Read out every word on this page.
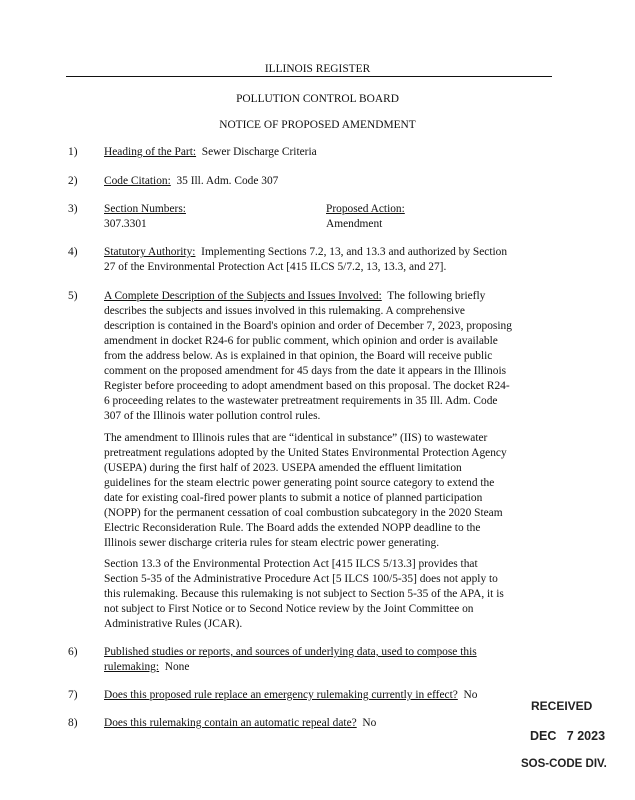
ILLINOIS REGISTER
POLLUTION CONTROL BOARD
NOTICE OF PROPOSED AMENDMENT
1) Heading of the Part: Sewer Discharge Criteria
2) Code Citation: 35 Ill. Adm. Code 307
3) Section Numbers:
307.3301
Proposed Action:
Amendment
4) Statutory Authority: Implementing Sections 7.2, 13, and 13.3 and authorized by Section
27 of the Environmental Protection Act [415 ILCS 5/7.2, 13, 13.3, and 27].
5) A Complete Description of the Subjects and Issues Involved: The following briefly
describes the subjects and issues involved in this rulemaking. A comprehensive
description is contained in the Board's opinion and order of December 7, 2023, proposing
amendment in docket R24-6 for public comment, which opinion and order is available
from the address below. As is explained in that opinion, the Board will receive public
comment on the proposed amendment for 45 days from the date it appears in the Illinois
Register before proceeding to adopt amendment based on this proposal. The docket R24-
6 proceeding relates to the wastewater pretreatment requirements in 35 Ill. Adm. Code
307 of the Illinois water pollution control rules.
The amendment to Illinois rules that are “identical in substance” (IIS) to wastewater
pretreatment regulations adopted by the United States Environmental Protection Agency
(USEPA) during the first half of 2023. USEPA amended the effluent limitation
guidelines for the steam electric power generating point source category to extend the
date for existing coal-fired power plants to submit a notice of planned participation
(NOPP) for the permanent cessation of coal combustion subcategory in the 2020 Steam
Electric Reconsideration Rule. The Board adds the extended NOPP deadline to the
Illinois sewer discharge criteria rules for steam electric power generating.
Section 13.3 of the Environmental Protection Act [415 ILCS 5/13.3] provides that
Section 5-35 of the Administrative Procedure Act [5 ILCS 100/5-35] does not apply to
this rulemaking. Because this rulemaking is not subject to Section 5-35 of the APA, it is
not subject to First Notice or to Second Notice review by the Joint Committee on
Administrative Rules (JCAR).
6) Published studies or reports, and sources of underlying data, used to compose this
rulemaking: None
7) Does this proposed rule replace an emergency rulemaking currently in effect? No
8) Does this rulemaking contain an automatic repeal date? No
RECEIVED
DEC   7 2023
SOS-CODE DIV.
